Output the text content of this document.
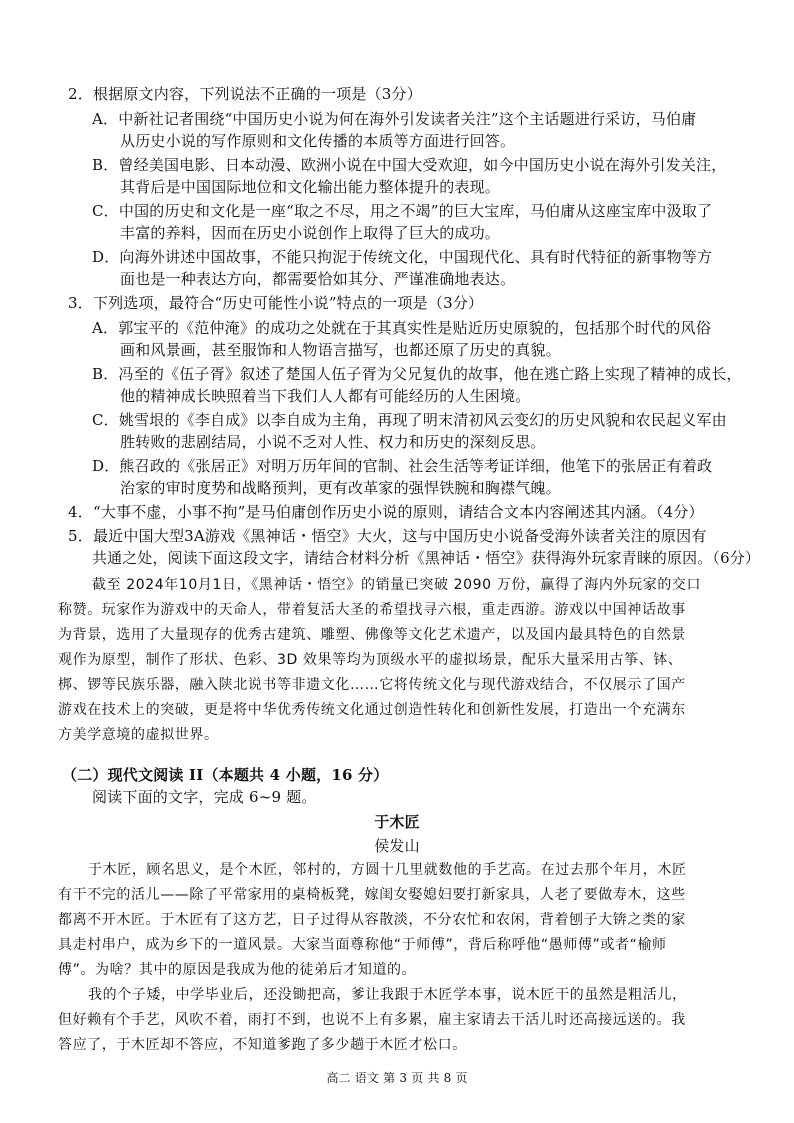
2．根据原文内容，下列说法不正确的一项是（3分）
A．中新社记者围绕“中国历史小说为何在海外引发读者关注”这个主话题进行采访，马伯庸
从历史小说的写作原则和文化传播的本质等方面进行回答。
B．曾经美国电影、日本动漫、欧洲小说在中国大受欢迎，如今中国历史小说在海外引发关注，
其背后是中国国际地位和文化输出能力整体提升的表现。
C．中国的历史和文化是一座“取之不尽，用之不竭”的巨大宝库，马伯庸从这座宝库中汲取了
丰富的养料，因而在历史小说创作上取得了巨大的成功。
D．向海外讲述中国故事，不能只拘泥于传统文化，中国现代化、具有时代特征的新事物等方
面也是一种表达方向，都需要恰如其分、严谨准确地表达。
3．下列选项，最符合“历史可能性小说”特点的一项是（3分）
A．郭宝平的《范仲淹》的成功之处就在于其真实性是贴近历史原貌的，包括那个时代的风俗
画和风景画，甚至服饰和人物语言描写，也都还原了历史的真貌。
B．冯至的《伍子胥》叙述了楚国人伍子胥为父兄复仇的故事，他在逃亡路上实现了精神的成长，
他的精神成长映照着当下我们人人都有可能经历的人生困境。
C．姚雪垠的《李自成》以李自成为主角，再现了明末清初风云变幻的历史风貌和农民起义军由
胜转败的悲剧结局，小说不乏对人性、权力和历史的深刻反思。
D．熊召政的《张居正》对明万历年间的官制、社会生活等考证详细，他笔下的张居正有着政
治家的审时度势和战略预判，更有改革家的强悍铁腕和胸襟气魄。
4．“大事不虚，小事不拘”是马伯庸创作历史小说的原则，请结合文本内容阐述其内涵。（4分）
5．最近中国大型3A游戏《黑神话・悟空》大火，这与中国历史小说备受海外读者关注的原因有
共通之处，阅读下面这段文字，请结合材料分析《黑神话・悟空》获得海外玩家青睐的原因。（6分）
截至 2024年10月1日，《黑神话・悟空》的销量已突破 2090 万份，赢得了海内外玩家的交口
称赞。玩家作为游戏中的天命人，带着复活大圣的希望找寻六根，重走西游。游戏以中国神话故事
为背景，选用了大量现存的优秀古建筑、雕塑、佛像等文化艺术遗产，以及国内最具特色的自然景
观作为原型，制作了形状、色彩、3D 效果等均为顶级水平的虚拟场景，配乐大量采用古筝、钵、
梆、锣等民族乐器，融入陕北说书等非遗文化……它将传统文化与现代游戏结合，不仅展示了国产
游戏在技术上的突破，更是将中华优秀传统文化通过创造性转化和创新性发展，打造出一个充满东
方美学意境的虚拟世界。
（二）现代文阅读 II（本题共 4 小题，16 分）
阅读下面的文字，完成 6~9 题。
于木匠
侯发山
于木匠，顾名思义，是个木匠，邻村的，方圆十几里就数他的手艺高。在过去那个年月，木匠
有干不完的活儿——除了平常家用的桌椅板凳，嫁闺女娶媳妇要打新家具，人老了要做寿木，这些
都离不开木匠。于木匠有了这方艺，日子过得从容散淡，不分农忙和农闲，背着刨子大锛之类的家
具走村串户，成为乡下的一道风景。大家当面尊称他“于师傅”，背后称呼他“愚师傅”或者“榆师
傅”。为啥？其中的原因是我成为他的徒弟后才知道的。
我的个子矮，中学毕业后，还没锄把高，爹让我跟于木匠学本事，说木匠干的虽然是粗活儿，
但好赖有个手艺，风吹不着，雨打不到，也说不上有多累，雇主家请去干活儿时还高接远送的。我
答应了，于木匠却不答应，不知道爹跑了多少趟于木匠才松口。
高二 语文 第 3 页 共 8 页
